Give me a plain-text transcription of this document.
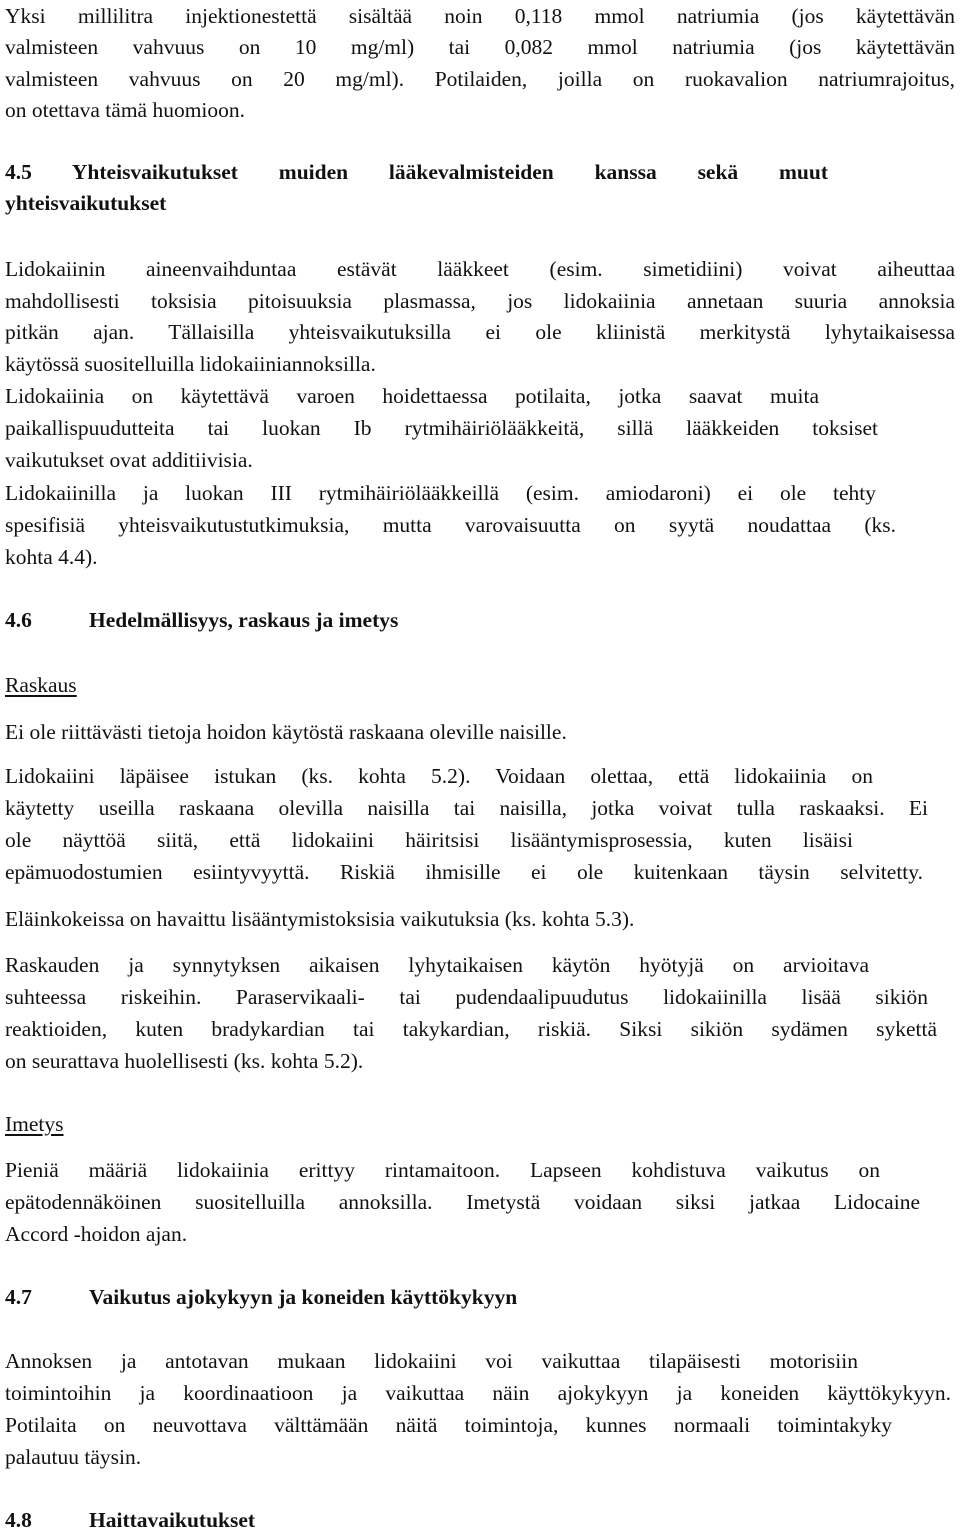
Yksi millilitra injektionestettä sisältää noin 0,118 mmol natriumia (jos käytettävän
valmisteen vahvuus on 10 mg/ml) tai 0,082 mmol natriumia (jos käytettävän
valmisteen vahvuus on 20 mg/ml). Potilaiden, joilla on ruokavalion natriumrajoitus,
on otettava tämä huomioon.
4.5 Yhteisvaikutukset muiden lääkevalmisteiden kanssa sekä muut
yhteisvaikutukset
Lidokaiinin aineenvaihduntaa estävät lääkkeet (esim. simetidiini) voivat aiheuttaa
mahdollisesti toksisia pitoisuuksia plasmassa, jos lidokaiinia annetaan suuria annoksia
pitkän ajan. Tällaisilla yhteisvaikutuksilla ei ole kliinistä merkitystä lyhytaikaisessa
käytössä suositelluilla lidokaiiniannoksilla.
Lidokaiinia on käytettävä varoen hoidettaessa potilaita, jotka saavat muita
paikallispuudutteita tai luokan Ib rytmihäiriölääkkeitä, sillä lääkkeiden toksiset
vaikutukset ovat additiivisia.
Lidokaiinilla ja luokan III rytmihäiriölääkkeillä (esim. amiodaroni) ei ole tehty
spesifisiä yhteisvaikutustutkimuksia, mutta varovaisuutta on syytä noudattaa (ks.
kohta 4.4).
4.6	Hedelmällisyys, raskaus ja imetys
Raskaus
Ei ole riittävästi tietoja hoidon käytöstä raskaana oleville naisille.
Lidokaiini läpäisee istukan (ks. kohta 5.2). Voidaan olettaa, että lidokaiinia on
käytetty useilla raskaana olevilla naisilla tai naisilla, jotka voivat tulla raskaaksi. Ei
ole näyttöä siitä, että lidokaiini häiritsisi lisääntymisprosessia, kuten lisäisi
epämuodostumien esiintyvyyttä. Riskiä ihmisille ei ole kuitenkaan täysin selvitetty.
Eläinkokeissa on havaittu lisääntymistoksisia vaikutuksia (ks. kohta 5.3).
Raskauden ja synnytyksen aikaisen lyhytaikaisen käytön hyötyjä on arvioitava
suhteessa riskeihin. Paraservikaali- tai pudendaalipuudutus lidokaiinilla lisää sikiön
reaktioiden, kuten bradykardian tai takykardian, riskiä. Siksi sikiön sydämen sykettä
on seurattava huolellisesti (ks. kohta 5.2).
Imetys
Pieniä määriä lidokaiinia erittyy rintamaitoon. Lapseen kohdistuva vaikutus on
epätodennäköinen suositelluilla annoksilla. Imetystä voidaan siksi jatkaa Lidocaine
Accord -hoidon ajan.
4.7	Vaikutus ajokykyyn ja koneiden käyttökykyyn
Annoksen ja antotavan mukaan lidokaiini voi vaikuttaa tilapäisesti motorisiin
toimintoihin ja koordinaatioon ja vaikuttaa näin ajokykyyn ja koneiden käyttökykyyn.
Potilaita on neuvottava välttämään näitä toimintoja, kunnes normaali toimintakyky
palautuu täysin.
4.8	Haittavaikutukset
